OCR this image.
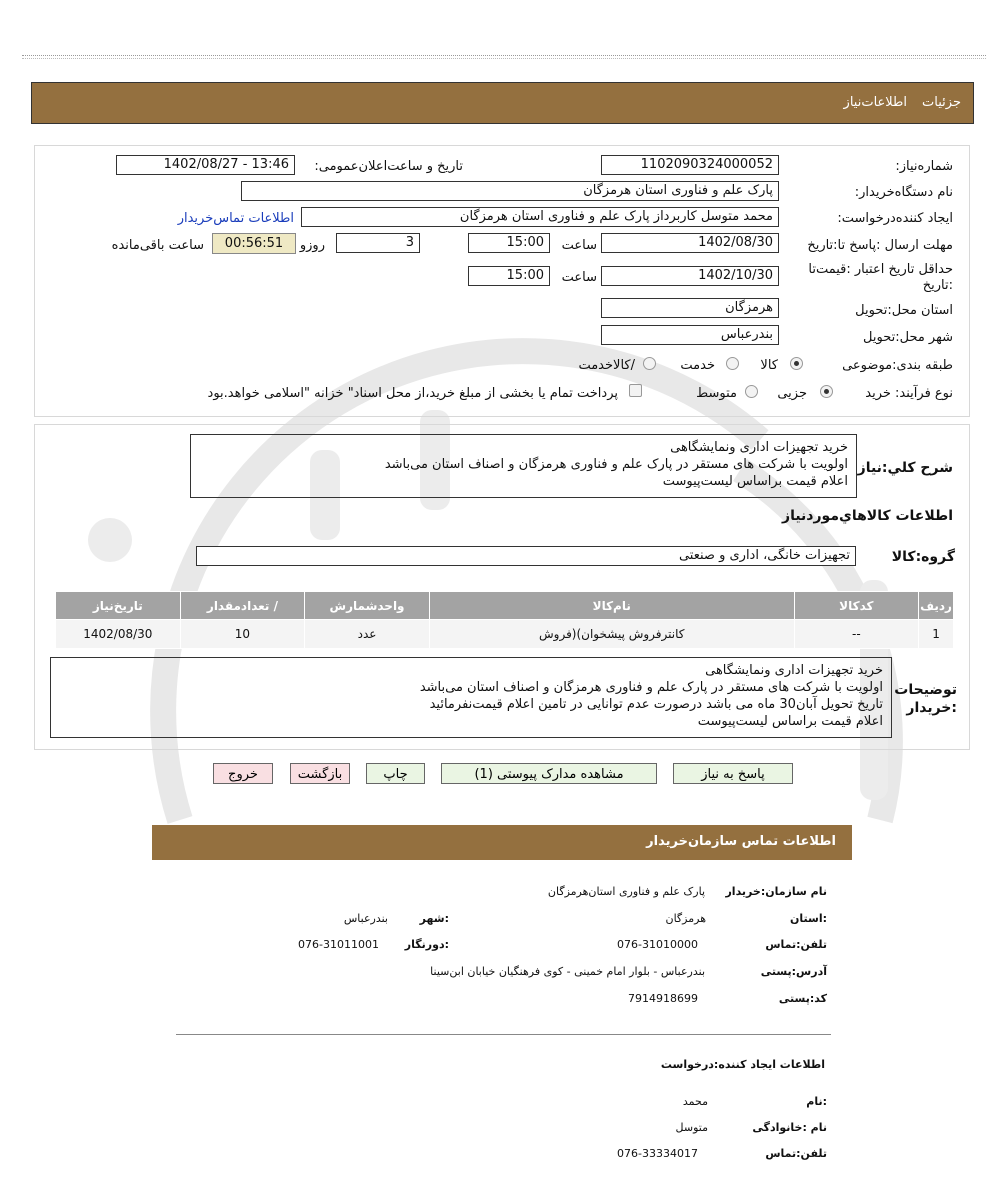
جزئیات
اطلاعات‌نیاز
شماره‌نیاز:
1102090324000052
تاریخ و ساعت‌اعلان‌عمومی:
1402/08/27 - 13:46
نام دستگاه‌خریدار:
پارک علم و فناوری استان هرمزگان
ایجاد کننده‌درخواست:
محمد متوسل کاربرداز پارک علم و فناوری استان هرمزگان
اطلاعات تماس‌خریدار
مهلت ارسال :پاسخ تا:تاریخ
1402/08/30
ساعت
15:00
3
روزو
00:56:51
ساعت باقی‌مانده
حداقل تاریخ اعتبار :قیمت‌تا
:تاریخ
1402/10/30
ساعت
15:00
استان محل:تحویل
هرمزگان
شهر محل:تحویل
بندرعباس
طبقه بندی:موضوعی
کالا
خدمت
/کالاخدمت
نوع فرآیند: خرید
جزیی
متوسط
پرداخت تمام یا بخشی از مبلغ خرید،از محل اسناد" خزانه "اسلامی خواهد.بود
شرح کلي:نیاز
خرید تجهیزات اداری ونمایشگاهی
اولویت با شرکت های مستقر در پارک علم و فناوری هرمزگان و اصناف استان می‌باشد
اعلام قیمت براساس لیست‌پیوست
اطلاعات کالاهاي‌موردنیاز
گروه:کالا
تجهیزات خانگی، اداری و صنعتی
ردیف	کدکالا	نام‌کالا	واحدشمارش	/ تعدادمقدار	تاریخ‌نیاز
1	--	کانترفروش پیشخوان)(فروش	عدد	10	1402/08/30
توضیحات
:خریدار
خرید تجهیزات اداری ونمایشگاهی
اولویت با شرکت های مستقر در پارک علم و فناوری هرمزگان و اصناف استان می‌باشد
تاریخ تحویل آبان30 ماه می باشد درصورت عدم توانایی در تامین اعلام قیمت‌نفرمائید
اعلام قیمت براساس لیست‌پیوست
پاسخ به نیاز
مشاهده مدارک پیوستی (1)
چاپ
بازگشت
خروج
اطلاعات تماس سازمان‌خریدار
نام سازمان:خریدار
پارک علم و فناوری استان‌هرمزگان
:استان
هرمزگان
:شهر
بندرعباس
تلفن:تماس
076-31010000
:دورنگار
076-31011001
آدرس:پستی
بندرعباس - بلوار امام خمینی - کوی فرهنگیان خیابان ابن‌سینا
کد:پستی
7914918699
اطلاعات ایجاد کننده:درخواست
:نام
محمد
نام :خانوادگی
متوسل
تلفن:تماس
076-33334017
